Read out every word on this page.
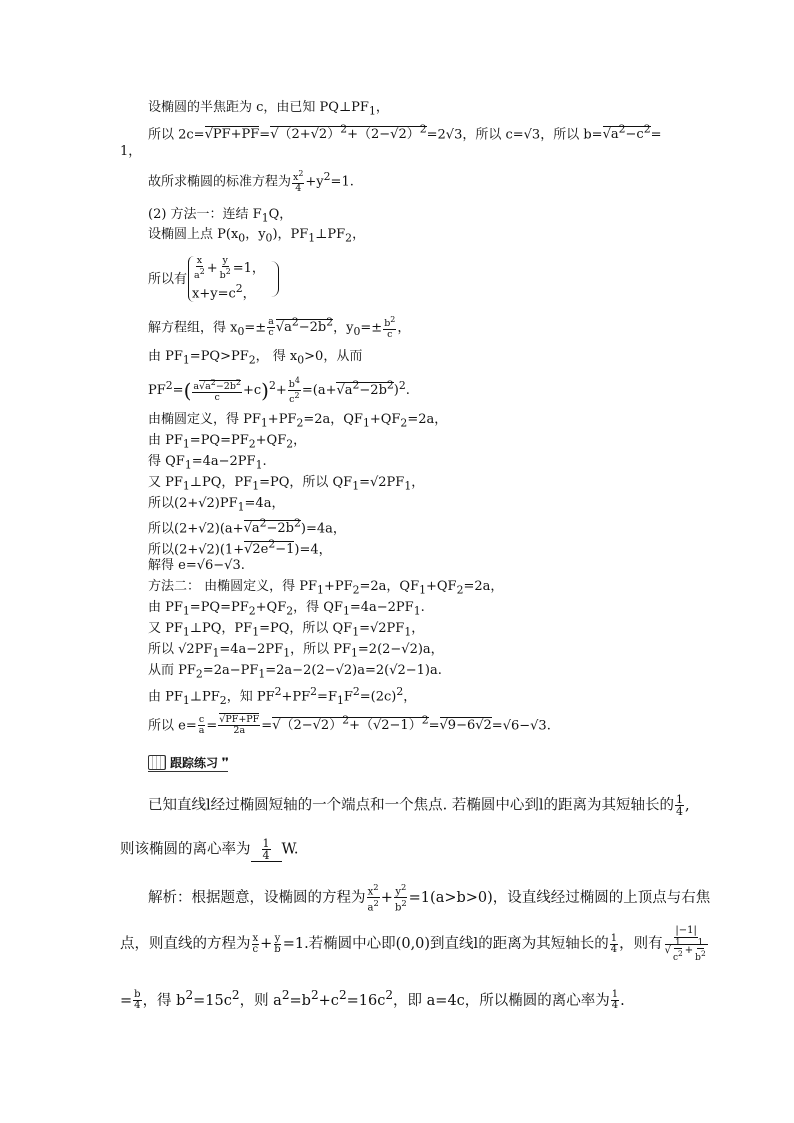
设椭圆的半焦距为 c，由已知 $PQ\perp PF_1$，
所以 $2c=√PF+PF=√(2+√2)^2+(2-√2)^2=2√3$，所以 c=√3，所以 $b=√a^2-c^2=$
1，
故所求椭圆的标准方程为 $\frac{x^2}{4} +y^2=1$.
(2) 方法一：连结 $F_1Q$，
设椭圆上点 $P(x_0$，$y_0$)，$PF_1\perp PF_2$，
所以有 $\frac{x}{a^2} + \frac{y}{b^2} =1$，
$x+y=c^2$，
解方程组，得 $x_0=\pm \frac{a}{c} √a^2-2b^2$，$y_0=\pm \frac{b^2}{c}$ ，
由 $PF_1=PQ>PF_2$， 得 $x_0>0$，从而
$PF^2=( \frac{a√a^2-2b^2}{c} +c)^2+ \frac{b^4}{c^2} =(a+√a^2-2b^2)^2$.
由椭圆定义，得 $PF_1+PF_2=2a$，$QF_1+QF_2=2a$，
由 $PF_1=PQ=PF_2+QF_2$，
得 $QF_1=4a-2PF_1$.
又 $PF_1\perp PQ$，$PF_1=PQ$，所以 $QF_1=√2PF_1$，
所以$(2+√2)PF_1=4a$，
所以$(2+√2)(a+√a^2-2b^2)=4a$，
所以$(2+√2)(1+√2e^2-1)=4$，
解得 e=√6−√3.
方法二： 由椭圆定义，得 $PF_1+PF_2=2a$，$QF_1+QF_2=2a$，
由 $PF_1=PQ=PF_2+QF_2$，得 $QF_1=4a-2PF_1$.
又 $PF_1\perp PQ$，$PF_1=PQ$，所以 $QF_1=√2PF_1$，
所以 $√2PF_1=4a-2PF_1$，所以 $PF_1=2(2-√2)a$，
从而 $PF_2=2a-PF_1=2a-2(2-√2)a=2(√2-1)a$.
由 $PF_1\perp PF_2$，知 $PF^2+PF^2=F_1F^2=(2c)^2$，
所以 $e= \frac{c}{a} = \frac{√PF+PF}{2a} =√(2-√2)^2+(√2-1)^2=√9-6√2=√6-√3$.
跟踪练习 ❜❜
已知直线l经过椭圆短轴的一个端点和一个焦点. 若椭圆中心到l的距离为其短轴长的 $\frac{1}{4}$ ,
则该椭圆的离心率为 $\frac{1}{4} W$.
解析：根据题意，设椭圆的方程为 $\frac{x^2}{a^2} + \frac{y^2}{b^2} =1(a>b>0)$，设直线经过椭圆的上顶点与右焦
点，则直线的方程为 $\frac{x}{c} + \frac{y}{b} =1$.若椭圆中心即(0,0)到直线l的距离为其短轴长的 $\frac{1}{4}$ ，则有 $\frac{|-1|}{√ \frac{1}{c^2} + \frac{1}{b^2}}$
= $\frac{b}{4}$ ，得 $b^2=15c^2$，则 $a^2=b^2+c^2=16c^2$，即 a=4c，所以椭圆的离心率为 $\frac{1}{4}$ .
